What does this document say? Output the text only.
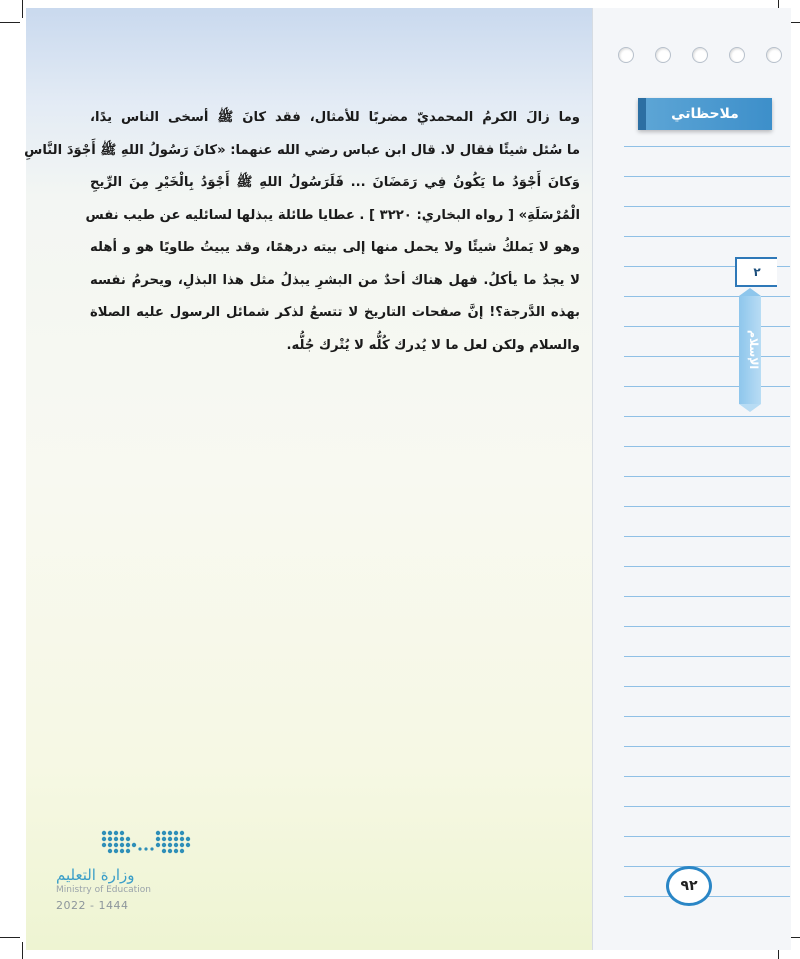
وما زالَ الكرمُ المحمديّ مضربًا للأمثال، فقد كانَ ﷺ أسخى الناس يدًا،
ما سُئل شيئًا فقال لا. قال ابن عباس رضي الله عنهما: «كانَ رَسُولُ اللهِ ﷺ أَجْوَدَ النَّاسِ
وَكانَ أَجْوَدُ ما يَكُونُ فِي رَمَضَانَ ... فَلَرَسُولُ اللهِ ﷺ أَجْوَدُ بِالْخَيْرِ مِنَ الرِّيحِ
الْمُرْسَلَةِ» [ رواه البخاري: ٣٢٢٠ ] . عطايا طائلة يبذلها لسائليه عن طيب نفس
وهو لا يَملكُ شيئًا ولا يحمل منها إلى بيته درهمًا، وقد يبيتُ طاويًا هو و أهله
لا يجدُ ما يأكلُ. فهل هناك أحدٌ من البشرِ يبذلُ مثل هذا البذلِ، ويحرمُ نفسه
بهذه الدَّرجة؟! إنَّ صفحات التاريخ لا تتسعُ لذكر شمائل الرسول عليه الصلاة
والسلام ولكن لعل ما لا يُدرك كُلُّه لا يُتْرك جُلُّه.
وزارة التعليم
Ministry of Education
2022 - 1444
ملاحظاتي
٢
الإسلام
٩٢
